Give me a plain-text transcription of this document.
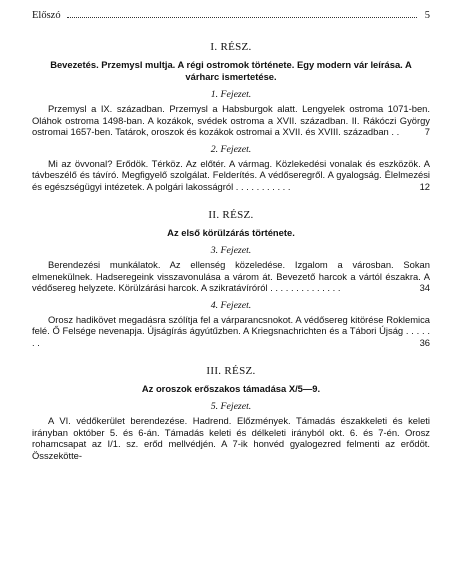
Előszó	5
I. RÉSZ.
Bevezetés. Przemysl multja. A régi ostromok története. Egy modern vár leírása. A várharc ismertetése.
1. Fejezet.

Przemysl a IX. században. Przemysl a Habsburgok alatt. Lengyelek ostroma 1071-ben. Oláhok ostroma 1498-ban. A kozákok, svédek ostroma a XVII. században. II. Rákóczi György ostromai 1657-ben. Tatárok, oroszok és kozákok ostromai a XVII. és XVIII. században . .	7

2. Fejezet.

Mi az övvonal? Erődök. Térköz. Az előtér. A vármag. Közlekedési vonalak és eszközök. A távbeszélő és távíró. Megfigyelő szolgálat. Felderítés. A védőseregről. A gyalogság. Élelmezési és egészségügyi intézetek. A polgári lakosságról . . . . . . . . . . .	12

II. RÉSZ.
Az első körülzárás története.
3. Fejezet.

Berendezési munkálatok. Az ellenség közeledése. Izgalom a városban. Sokan elmenekülnek. Hadseregeink visszavonulása a várom át. Bevezető harcok a vártól északra. A védősereg helyzete. Körülzárási harcok. A szikratávíróról . . . . . . . . . . . . . .	34

4. Fejezet.

Orosz hadikövet megadásra szólítja fel a várparancsnokot. A védősereg kitörése Roklemica felé. Ő Felsége nevenapja. Újságírás ágyútűzben. A Kriegsnachrichten és a Tábori Újság . . . . . . .	36

III. RÉSZ.
Az oroszok erőszakos támadása X/5—9.
5. Fejezet.

A VI. védőkerület berendezése. Hadrend. Előzmények. Támadás északkeleti és keleti irányban október 5. és 6-án. Támadás keleti és délkeleti irányból okt. 6. és 7-én. Orosz rohamcsapat az I/1. sz. erőd mellvédjén. A 7-ik honvéd gyalogezred felmenti az erődöt. Összekötte-
